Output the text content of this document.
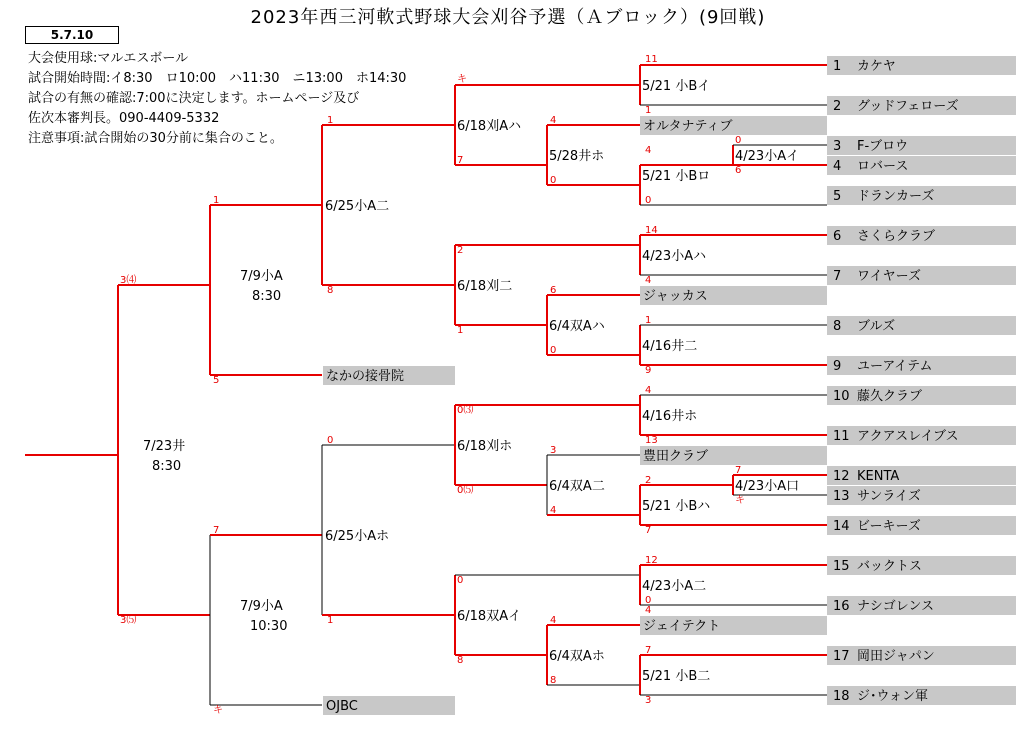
2023年西三河軟式野球大会刈谷予選（Ａブロック）(9回戦)
5.7.10
大会使用球:マルエスボール
試合開始時間:イ8:30　ロ10:00　ハ11:30　ニ13:00　ホ14:30
試合の有無の確認:7:00に決定します。ホームページ及び
佐次本審判長。090-4409-5332
注意事項:試合開始の30分前に集合のこと。
1 カケヤ
2 グッドフェローズ
オルタナティブ
3 F-ブロウ
4 ロバース
5 ドランカーズ
6 さくらクラブ
7 ワイヤーズ
ジャッカス
8 ブルズ
9 ユーアイテム
10 藤久クラブ
11 アクアスレイブス
豊田クラブ
12 KENTA
13 サンライズ
14 ビーキーズ
15 バックトス
16 ナシゴレンス
ジェイテクト
17 岡田ジャパン
18 ジ･ウォン軍
なかの接骨院
OJBC
5/21 小Bイ
6/18刈Aハ
5/28井ホ	4/23小Aイ
5/21 小Bロ
6/25小A二
4/23小Aハ
6/18刈二
6/4双Aハ
4/16井二
7/9小A
8:30
7/23井
8:30
4/16井ホ
6/18刈ホ
6/4双A二	4/23小A口
5/21 小Bハ
6/25小Aホ
4/23小A二
6/18双Aイ
6/4双Aホ
5/21 小B二
7/9小A
10:30
キ
11
1
1	4
7
0
0
6
4
0
1
3⑷
5
8
14
2
4
6
1
1
0
9
4
13
0⑶
0⑸
3
4
2
7
7
キ
0
12
4
0
8
4
8
7
3
0
7
1
キ
3⑸
